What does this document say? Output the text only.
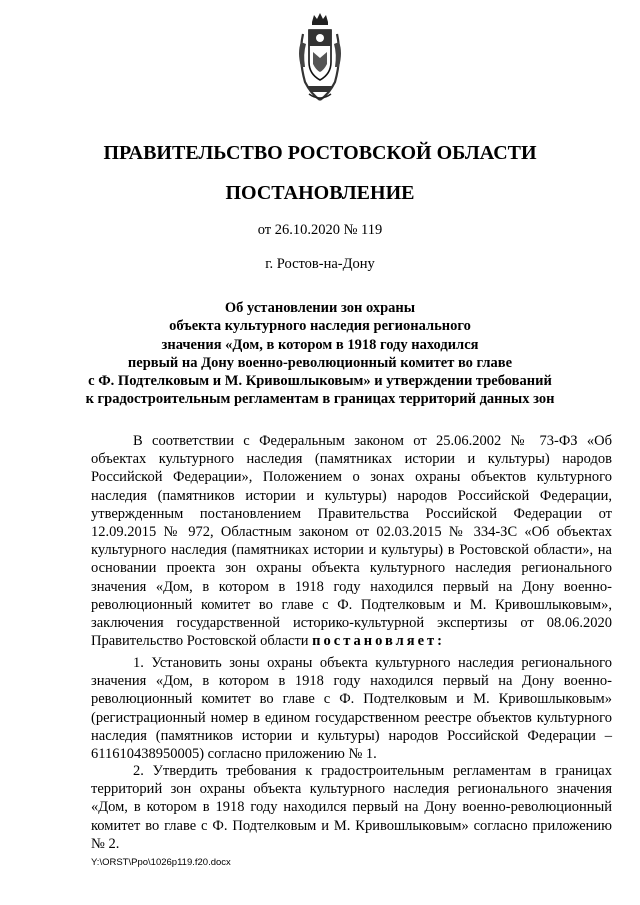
ПРАВИТЕЛЬСТВО РОСТОВСКОЙ ОБЛАСТИ

ПОСТАНОВЛЕНИЕ

от 26.10.2020 № 119

г. Ростов-на-Дону

Об установлении зон охраны
объекта культурного наследия регионального
значения «Дом, в котором в 1918 году находился
первый на Дону военно-революционный комитет во главе
с Ф. Подтелковым и М. Кривошлыковым» и утверждении требований
к градостроительным регламентам в границах территорий данных зон

В соответствии с Федеральным законом от 25.06.2002 № 73-ФЗ «Об объектах культурного наследия (памятниках истории и культуры) народов Российской Федерации», Положением о зонах охраны объектов культурного наследия (памятников истории и культуры) народов Российской Федерации, утвержденным постановлением Правительства Российской Федерации от 12.09.2015 № 972, Областным законом от 02.03.2015 № 334-ЗС «Об объектах культурного наследия (памятниках истории и культуры) в Ростовской области», на основании проекта зон охраны объекта культурного наследия регионального значения «Дом, в котором в 1918 году находился первый на Дону военно-революционный комитет во главе с Ф. Подтелковым и М. Кривошлыковым», заключения государственной историко-культурной экспертизы от 08.06.2020 Правительство Ростовской области постановляет:

1. Установить зоны охраны объекта культурного наследия регионального значения «Дом, в котором в 1918 году находился первый на Дону военно-революционный комитет во главе с Ф. Подтелковым и М. Кривошлыковым» (регистрационный номер в едином государственном реестре объектов культурного наследия (памятников истории и культуры) народов Российской Федерации – 611610438950005) согласно приложению № 1.

2. Утвердить требования к градостроительным регламентам в границах территорий зон охраны объекта культурного наследия регионального значения «Дом, в котором в 1918 году находился первый на Дону военно-революционный комитет во главе с Ф. Подтелковым и М. Кривошлыковым» согласно приложению № 2.

Y:\ORST\Ppo\1026p119.f20.docx
